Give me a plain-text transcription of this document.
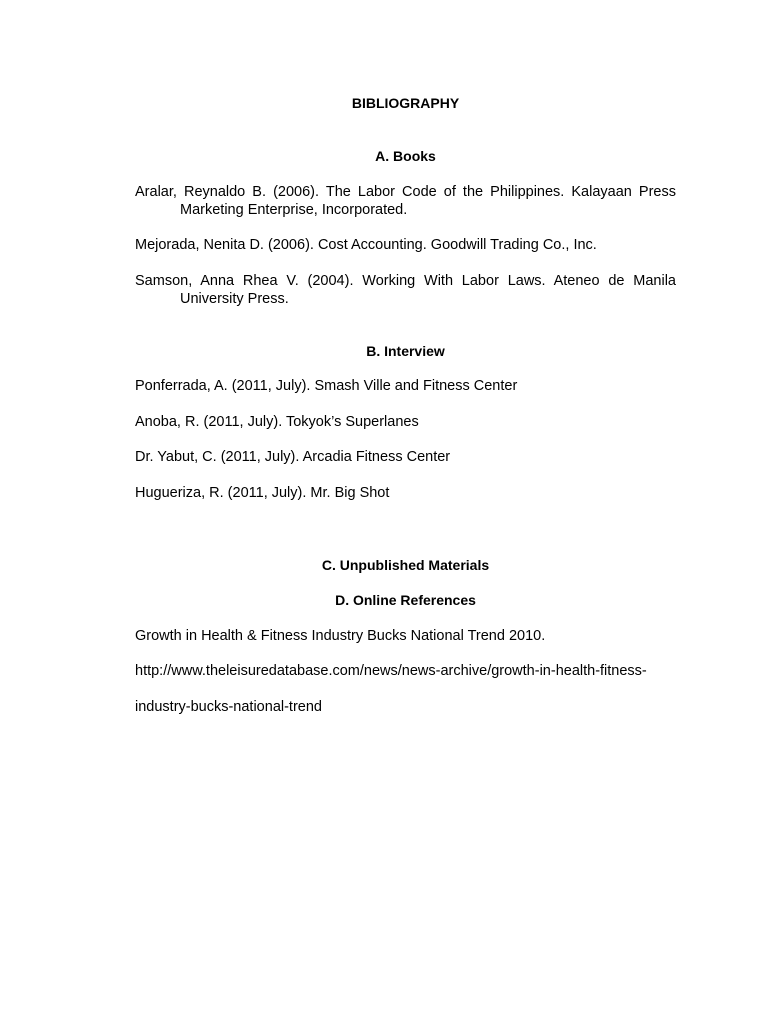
BIBLIOGRAPHY
A. Books
Aralar, Reynaldo B. (2006). The Labor Code of the Philippines. Kalayaan Press
Marketing Enterprise, Incorporated.
Mejorada, Nenita D. (2006). Cost Accounting. Goodwill Trading Co., Inc.
Samson, Anna Rhea V. (2004). Working With Labor Laws. Ateneo de Manila
University Press.
B. Interview
Ponferrada, A. (2011, July). Smash Ville and Fitness Center
Anoba, R. (2011, July). Tokyok’s Superlanes
Dr. Yabut, C. (2011, July). Arcadia Fitness Center
Hugueriza, R. (2011, July). Mr. Big Shot
C. Unpublished Materials
D. Online References
Growth in Health & Fitness Industry Bucks National Trend 2010.
http://www.theleisuredatabase.com/news/news-archive/growth-in-health-fitness-
industry-bucks-national-trend
